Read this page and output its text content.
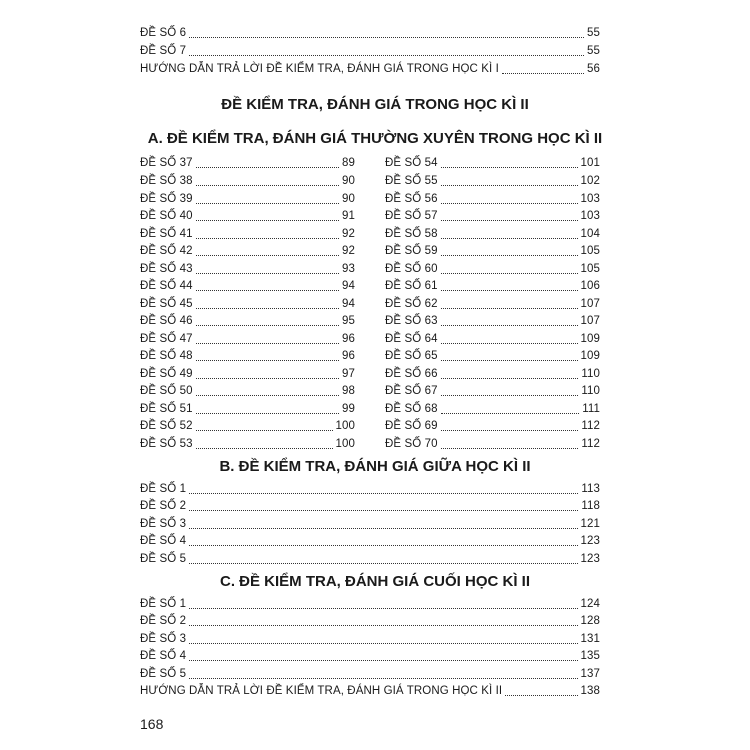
ĐỀ SỐ 6	55
ĐỀ SỐ 7	55
HƯỚNG DẪN TRẢ LỜI ĐỀ KIỂM TRA, ĐÁNH GIÁ TRONG HỌC KÌ I	56
ĐỀ KIỂM TRA, ĐÁNH GIÁ TRONG HỌC KÌ II
A. ĐỀ KIỂM TRA, ĐÁNH GIÁ THƯỜNG XUYÊN TRONG HỌC KÌ II
ĐỀ SỐ 37	89
ĐỀ SỐ 38	90
ĐỀ SỐ 39	90
ĐỀ SỐ 40	91
ĐỀ SỐ 41	92
ĐỀ SỐ 42	92
ĐỀ SỐ 43	93
ĐỀ SỐ 44	94
ĐỀ SỐ 45	94
ĐỀ SỐ 46	95
ĐỀ SỐ 47	96
ĐỀ SỐ 48	96
ĐỀ SỐ 49	97
ĐỀ SỐ 50	98
ĐỀ SỐ 51	99
ĐỀ SỐ 52	100
ĐỀ SỐ 53	100
ĐỀ SỐ 54	101
ĐỀ SỐ 55	102
ĐỀ SỐ 56	103
ĐỀ SỐ 57	103
ĐỀ SỐ 58	104
ĐỀ SỐ 59	105
ĐỀ SỐ 60	105
ĐỀ SỐ 61	106
ĐỀ SỐ 62	107
ĐỀ SỐ 63	107
ĐỀ SỐ 64	109
ĐỀ SỐ 65	109
ĐỀ SỐ 66	110
ĐỀ SỐ 67	110
ĐỀ SỐ 68	111
ĐỀ SỐ 69	112
ĐỀ SỐ 70	112
B. ĐỀ KIỂM TRA, ĐÁNH GIÁ GIỮA HỌC KÌ II
ĐỀ SỐ 1	113
ĐỀ SỐ 2	118
ĐỀ SỐ 3	121
ĐỀ SỐ 4	123
ĐỀ SỐ 5	123
C. ĐỀ KIỂM TRA, ĐÁNH GIÁ CUỐI HỌC KÌ II
ĐỀ SỐ 1	124
ĐỀ SỐ 2	128
ĐỀ SỐ 3	131
ĐỀ SỐ 4	135
ĐỀ SỐ 5	137
HƯỚNG DẪN TRẢ LỜI ĐỀ KIỂM TRA, ĐÁNH GIÁ TRONG HỌC KÌ II	138
168
